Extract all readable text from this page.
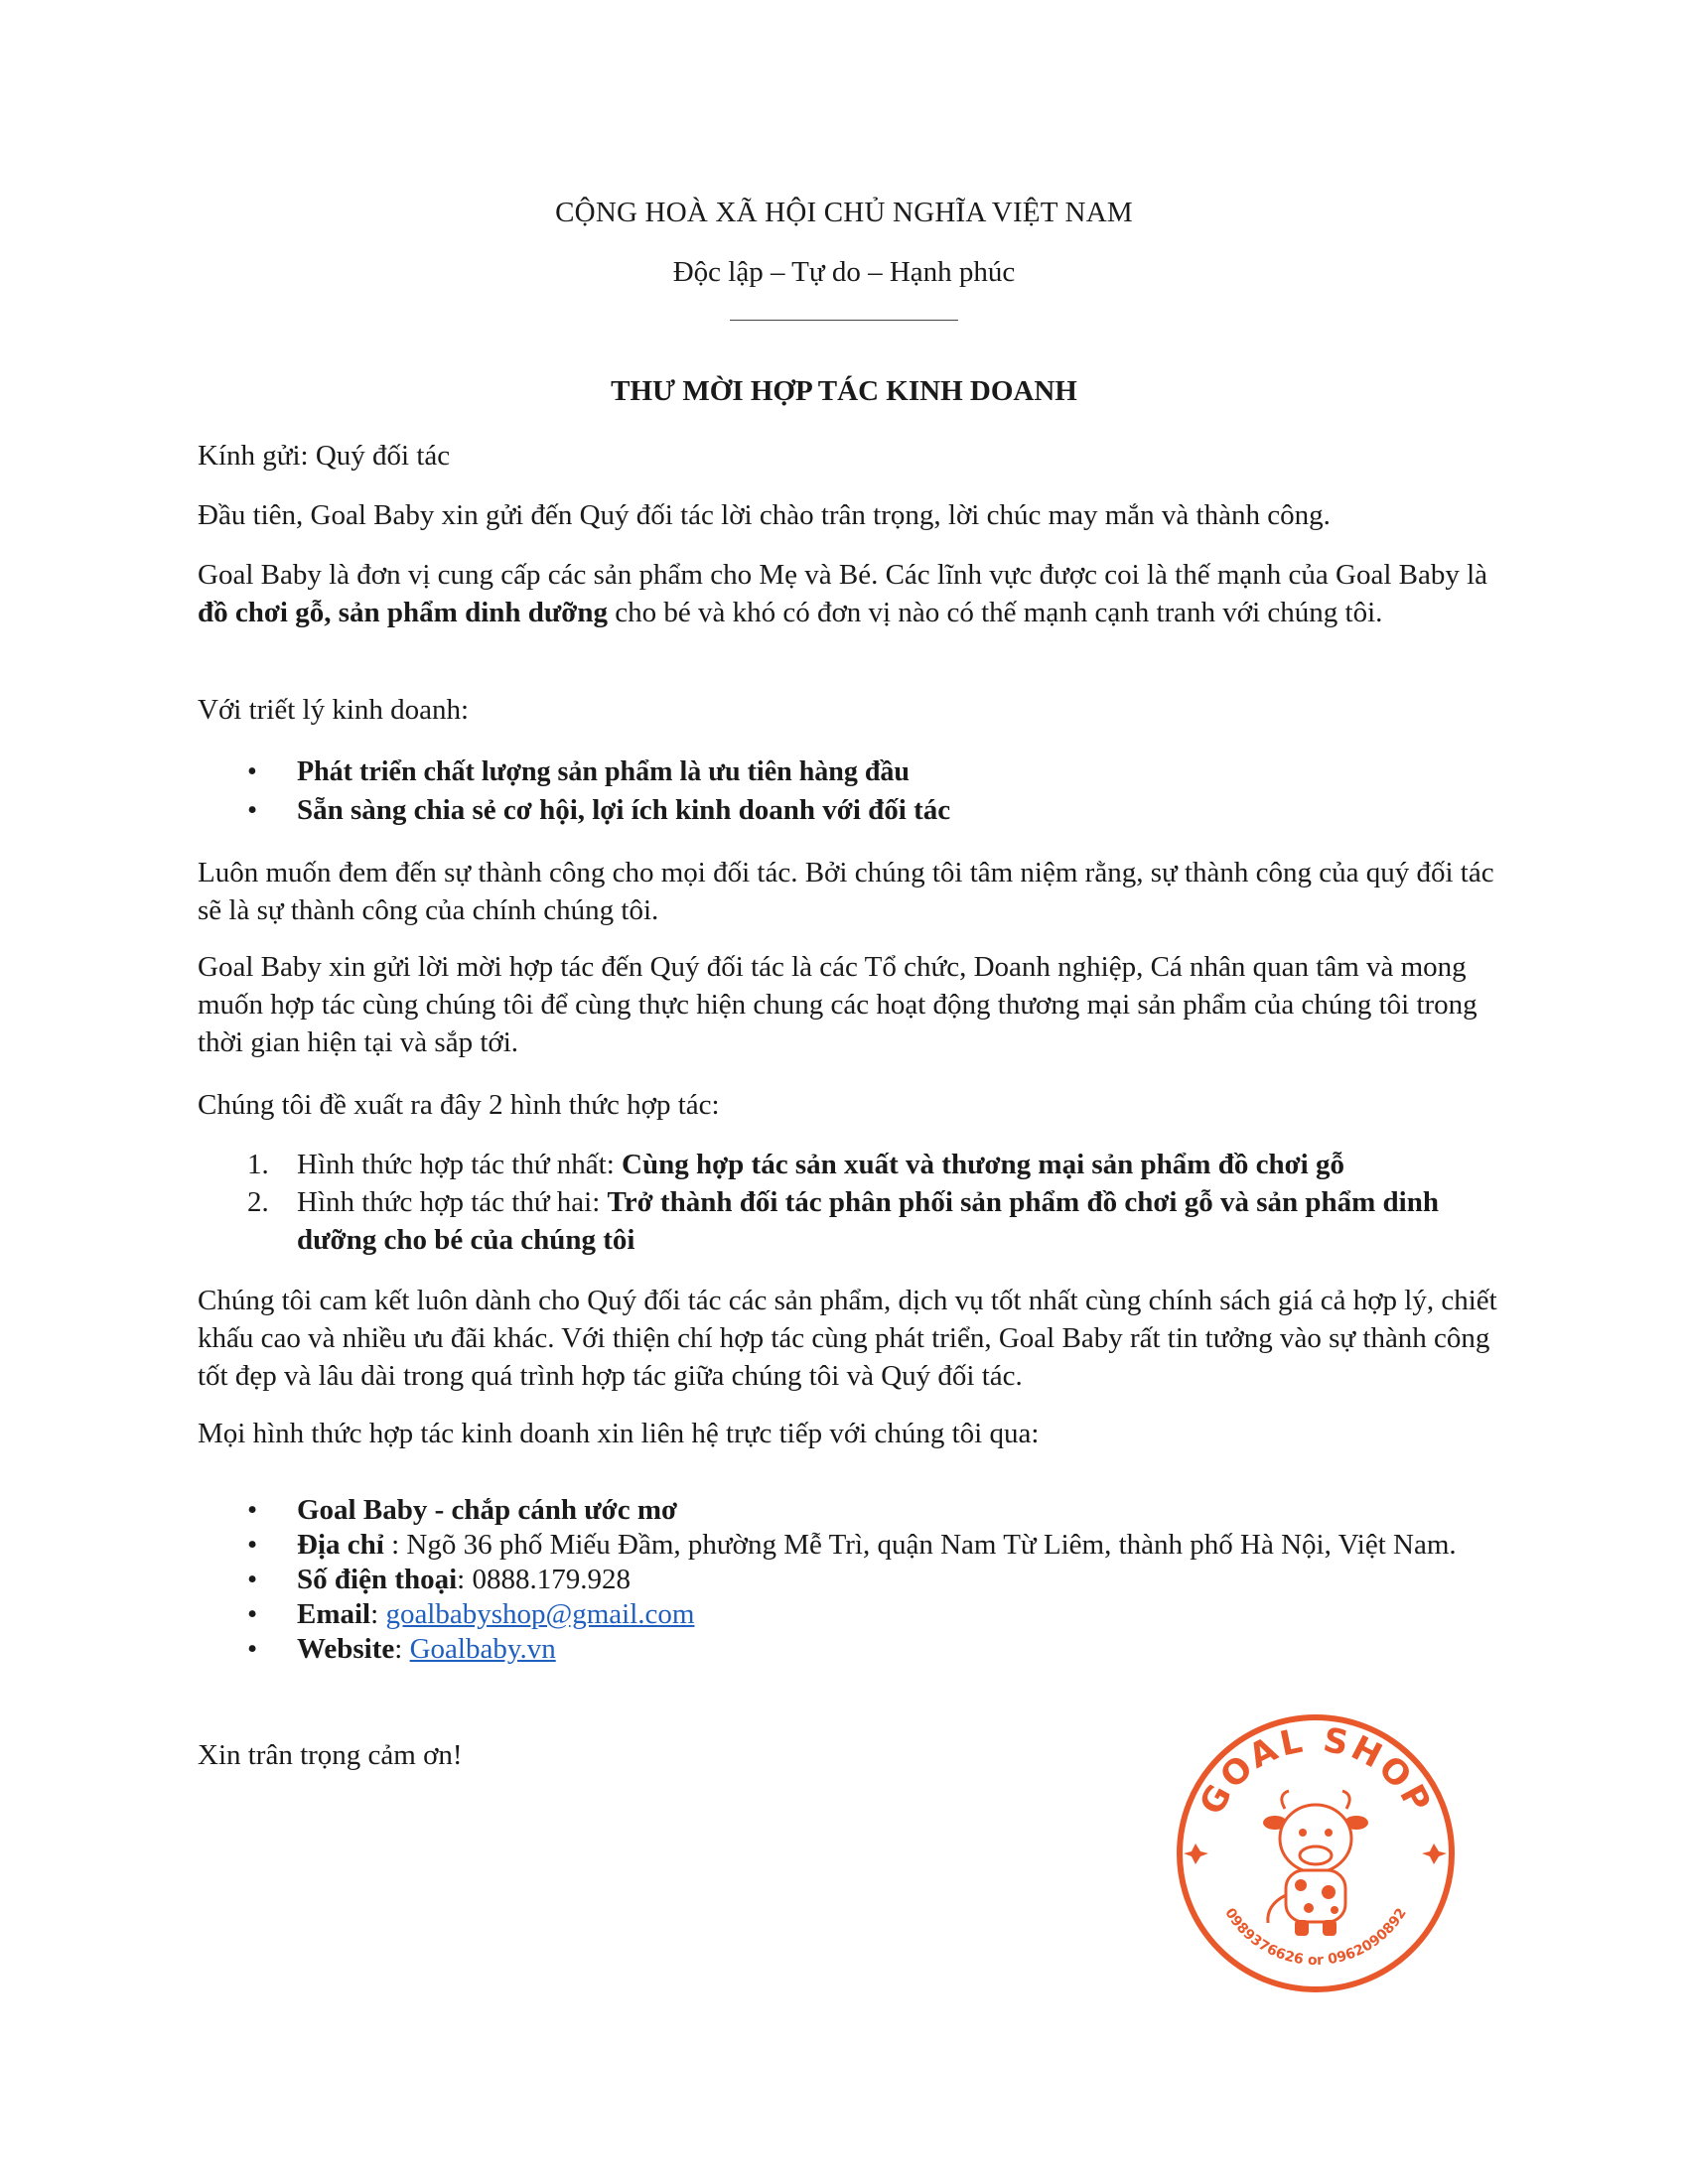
CỘNG HOÀ XÃ HỘI CHỦ NGHĨA VIỆT NAM
Độc lập – Tự do – Hạnh phúc
THƯ MỜI HỢP TÁC KINH DOANH
Kính gửi: Quý đối tác
Đầu tiên, Goal Baby xin gửi đến Quý đối tác lời chào trân trọng, lời chúc may mắn và thành công.
Goal Baby là đơn vị cung cấp các sản phẩm cho Mẹ và Bé. Các lĩnh vực được coi là thế mạnh của Goal Baby là đồ chơi gỗ, sản phẩm dinh dưỡng cho bé và khó có đơn vị nào có thế mạnh cạnh tranh với chúng tôi.
Với triết lý kinh doanh:
• Phát triển chất lượng sản phẩm là ưu tiên hàng đầu
• Sẵn sàng chia sẻ cơ hội, lợi ích kinh doanh với đối tác
Luôn muốn đem đến sự thành công cho mọi đối tác. Bởi chúng tôi tâm niệm rằng, sự thành công của quý đối tác sẽ là sự thành công của chính chúng tôi.
Goal Baby xin gửi lời mời hợp tác đến Quý đối tác là các Tổ chức, Doanh nghiệp, Cá nhân quan tâm và mong muốn hợp tác cùng chúng tôi để cùng thực hiện chung các hoạt động thương mại sản phẩm của chúng tôi trong thời gian hiện tại và sắp tới.
Chúng tôi đề xuất ra đây 2 hình thức hợp tác:
1. Hình thức hợp tác thứ nhất: Cùng hợp tác sản xuất và thương mại sản phẩm đồ chơi gỗ
2. Hình thức hợp tác thứ hai: Trở thành đối tác phân phối sản phẩm đồ chơi gỗ và sản phẩm dinh dưỡng cho bé của chúng tôi
Chúng tôi cam kết luôn dành cho Quý đối tác các sản phẩm, dịch vụ tốt nhất cùng chính sách giá cả hợp lý, chiết khấu cao và nhiều ưu đãi khác. Với thiện chí hợp tác cùng phát triển, Goal Baby rất tin tưởng vào sự thành công tốt đẹp và lâu dài trong quá trình hợp tác giữa chúng tôi và Quý đối tác.
Mọi hình thức hợp tác kinh doanh xin liên hệ trực tiếp với chúng tôi qua:
• Goal Baby - chắp cánh ước mơ
• Địa chỉ : Ngõ 36 phố Miếu Đầm, phường Mễ Trì, quận Nam Từ Liêm, thành phố Hà Nội, Việt Nam.
• Số điện thoại: 0888.179.928
• Email: goalbabyshop@gmail.com
• Website: Goalbaby.vn
Xin trân trọng cảm ơn!
GOAL SHOP
0989376626 or 0962090892
